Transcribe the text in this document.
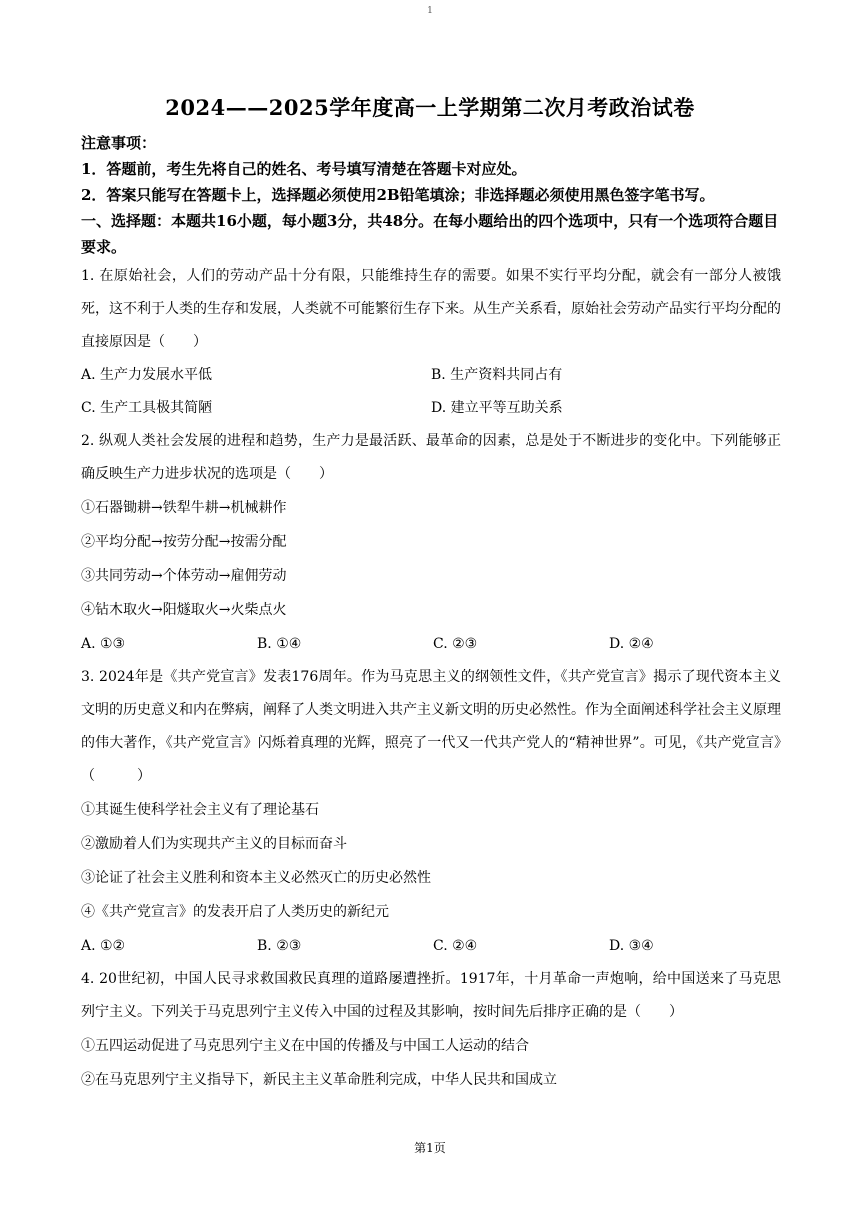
1
2024——2025学年度高一上学期第二次月考政治试卷

注意事项：

1．答题前，考生先将自己的姓名、考号填写清楚在答题卡对应处。

2．答案只能写在答题卡上，选择题必须使用2B铅笔填涂；非选择题必须使用黑色签字笔书写。

一、选择题：本题共16小题，每小题3分，共48分。在每小题给出的四个选项中，只有一个选项符合题目要求。

1. 在原始社会，人们的劳动产品十分有限，只能维持生存的需要。如果不实行平均分配，就会有一部分人被饿死，这不利于人类的生存和发展，人类就不可能繁衍生存下来。从生产关系看，原始社会劳动产品实行平均分配的直接原因是（　　）

A. 生产力发展水平低	B. 生产资料共同占有
C. 生产工具极其简陋	D. 建立平等互助关系

2. 纵观人类社会发展的进程和趋势，生产力是最活跃、最革命的因素，总是处于不断进步的变化中。下列能够正确反映生产力进步状况的选项是（　　）

①石器锄耕→铁犁牛耕→机械耕作

②平均分配→按劳分配→按需分配

③共同劳动→个体劳动→雇佣劳动

④钻木取火→阳燧取火→火柴点火

A. ①③	B. ①④	C. ②③	D. ②④

3. 2024年是《共产党宣言》发表176周年。作为马克思主义的纲领性文件，《共产党宣言》揭示了现代资本主义文明的历史意义和内在弊病，阐释了人类文明进入共产主义新文明的历史必然性。作为全面阐述科学社会主义原理的伟大著作，《共产党宣言》闪烁着真理的光辉，照亮了一代又一代共产党人的“精神世界”。可见，《共产党宣言》（　　　）

①其诞生使科学社会主义有了理论基石

②激励着人们为实现共产主义的目标而奋斗

③论证了社会主义胜利和资本主义必然灭亡的历史必然性

④《共产党宣言》的发表开启了人类历史的新纪元

A. ①②	B. ②③	C. ②④	D. ③④

4. 20世纪初，中国人民寻求救国救民真理的道路屡遭挫折。1917年，十月革命一声炮响，给中国送来了马克思列宁主义。下列关于马克思列宁主义传入中国的过程及其影响，按时间先后排序正确的是（　　）

①五四运动促进了马克思列宁主义在中国的传播及与中国工人运动的结合

②在马克思列宁主义指导下，新民主主义革命胜利完成，中华人民共和国成立

第1页
